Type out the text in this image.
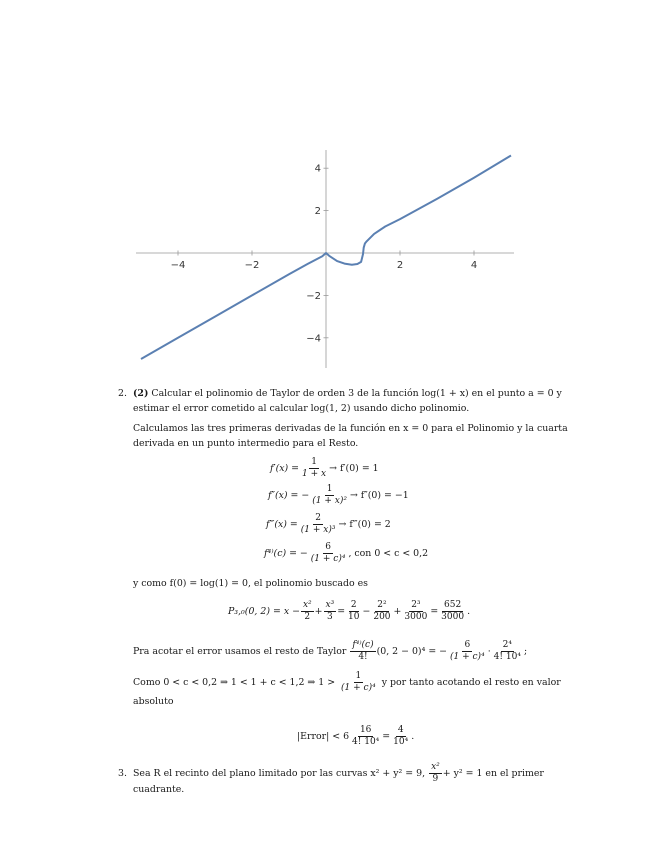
−4	−2	2	4
4
2
−2
−4
2. (2) Calcular el polinomio de Taylor de orden 3 de la función log(1 + x) en el punto a = 0 y
estimar el error cometido al calcular log(1, 2) usando dicho polinomio.
Calculamos las tres primeras derivadas de la función en x = 0 para el Polinomio y la cuarta
derivada en un punto intermedio para el Resto.
$f'(x) = \frac{1}{1 + x} \to f'(0) = 1$
f″(x) = − $\frac{1}{\text{(1 + x)²}} \to f''(0) = -1$
f‴(x) = $\frac{2}{\text{(1 + x)³}}$ → f‴(0) = 2
f⁴⁾(c) = − $\frac{6}{\text{(1 + c)⁴}}$ , con 0 < c < 0,2
y como f(0) = log(1) = 0, el polinomio buscado es
P₃,₀(0, $2) = x - \frac{\text{x²}}{2} + \frac{\text{x³}}{3} = \frac{2}{10} - \frac{\text{2²}}{200} + \frac{\text{2³}}{3000} = \frac{652}{3000}$ .
Pra acotar el error usamos el resto de Taylor
$\frac{\text{f⁴⁾(c)}}{4!} (0$, 2 − 0)⁴ = − $\frac{6}{\text{(1 + c)⁴}} \cdot \frac{\text{2⁴}}{\text{4! 10⁴}}$ ;
Como 0 < c < 0,2 ⇒ 1 < 1 + c < 1,2 ⇒ 1 >
$\frac{1}{\text{(1 + c)⁴}}$
y por tanto acotando el resto en valor
absoluto
|Error| < $6 \frac{16}{\text{4! 10⁴}} = \frac{4}{\text{10⁴}}$ .
3. Sea R el recinto del plano limitado por las curvas x² + y² = 9,
$\frac{\text{x²}}{9} + y^2 = 1$ en el primer
cuadrante.
